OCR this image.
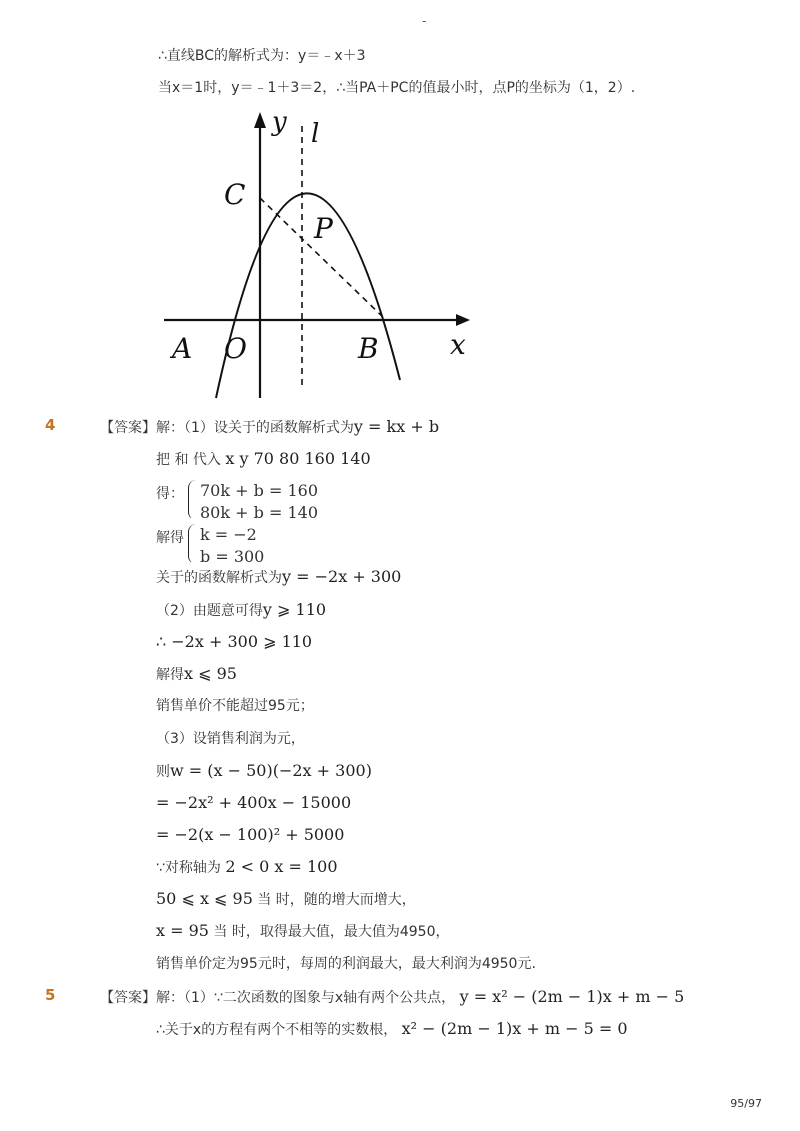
-
∴直线BC的解析式为：y＝﹣x＋3
当x＝1时，y＝﹣1＋3＝2，∴当PA＋PC的值最小时，点P的坐标为（1，2）.
y l
C
P
A O	B	x
4	【答案】解：（1）设关于的函数解析式为y = kx + b
把 和 代入 x y 70 80 160 140
得： 70k + b = 160
80k + b = 140
解得 k = −2
b = 300
关于的函数解析式为y = −2x + 300
（2）由题意可得y ⩾ 110
∴ −2x + 300 ⩾ 110
解得x ⩽ 95
销售单价不能超过95元；
（3）设销售利润为元，
则w = (x − 50)(−2x + 300)
= −2x² + 400x − 15000
= −2(x − 100)² + 5000
∵对称轴为 2 < 0 x = 100
50 ⩽ x ⩽ 95 当 时，随的增大而增大，
x = 95 当 时，取得最大值，最大值为4950，
销售单价定为95元时，每周的利润最大，最大利润为4950元.
5	【答案】解：（1）∵二次函数的图象与x轴有两个公共点， y = x² − (2m − 1)x + m − 5
∴关于x的方程有两个不相等的实数根， x² − (2m − 1)x + m − 5 = 0
95/97
